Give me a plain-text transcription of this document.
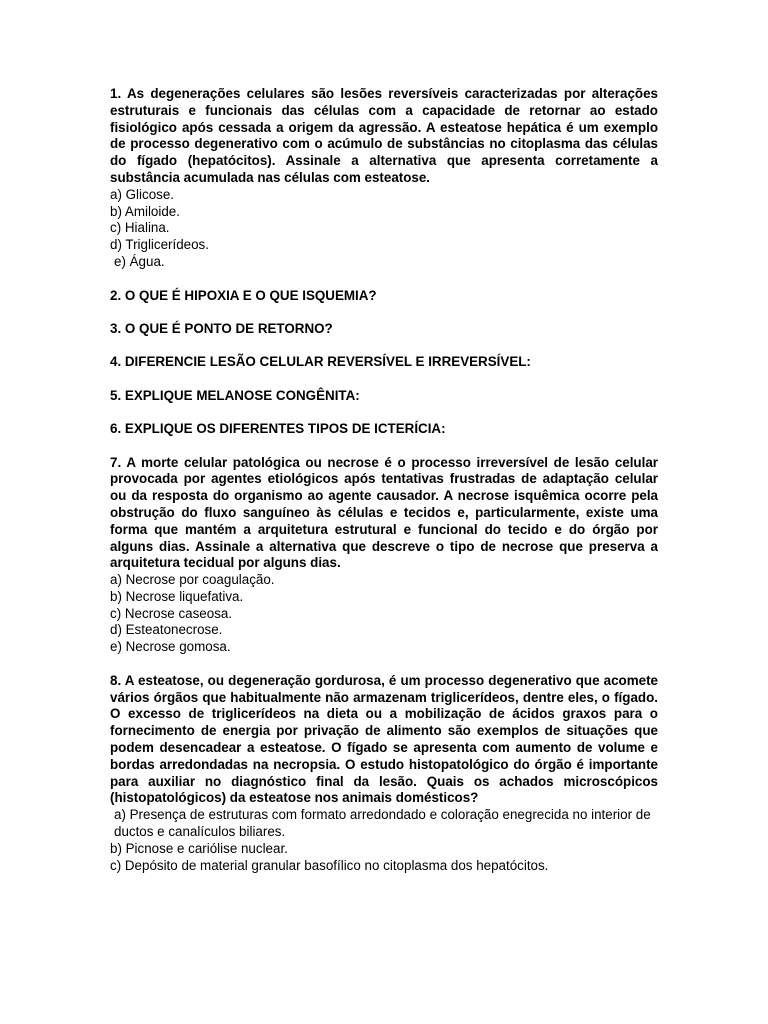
1. As degenerações celulares são lesões reversíveis caracterizadas por alterações estruturais e funcionais das células com a capacidade de retornar ao estado fisiológico após cessada a origem da agressão. A esteatose hepática é um exemplo de processo degenerativo com o acúmulo de substâncias no citoplasma das células do fígado (hepatócitos). Assinale a alternativa que apresenta corretamente a substância acumulada nas células com esteatose.

a) Glicose.
b) Amiloide.
c) Hialina.
d) Triglicerídeos.
e) Água.

2. O QUE É HIPOXIA E O QUE ISQUEMIA?

3. O QUE É PONTO DE RETORNO?

4. DIFERENCIE LESÃO CELULAR REVERSÍVEL E IRREVERSÍVEL:

5. EXPLIQUE MELANOSE CONGÊNITA:

6. EXPLIQUE OS DIFERENTES TIPOS DE ICTERÍCIA:

7. A morte celular patológica ou necrose é o processo irreversível de lesão celular provocada por agentes etiológicos após tentativas frustradas de adaptação celular ou da resposta do organismo ao agente causador. A necrose isquêmica ocorre pela obstrução do fluxo sanguíneo às células e tecidos e, particularmente, existe uma forma que mantém a arquitetura estrutural e funcional do tecido e do órgão por alguns dias. Assinale a alternativa que descreve o tipo de necrose que preserva a arquitetura tecidual por alguns dias.

a) Necrose por coagulação.
b) Necrose liquefativa.
c) Necrose caseosa.
d) Esteatonecrose.
e) Necrose gomosa.

8. A esteatose, ou degeneração gordurosa, é um processo degenerativo que acomete vários órgãos que habitualmente não armazenam triglicerídeos, dentre eles, o fígado. O excesso de triglicerídeos na dieta ou a mobilização de ácidos graxos para o fornecimento de energia por privação de alimento são exemplos de situações que podem desencadear a esteatose. O fígado se apresenta com aumento de volume e bordas arredondadas na necropsia. O estudo histopatológico do órgão é importante para auxiliar no diagnóstico final da lesão. Quais os achados microscópicos (histopatológicos) da esteatose nos animais domésticos?

a) Presença de estruturas com formato arredondado e coloração enegrecida no interior de ductos e canalículos biliares.
b) Picnose e cariólise nuclear.
c) Depósito de material granular basofílico no citoplasma dos hepatócitos.
